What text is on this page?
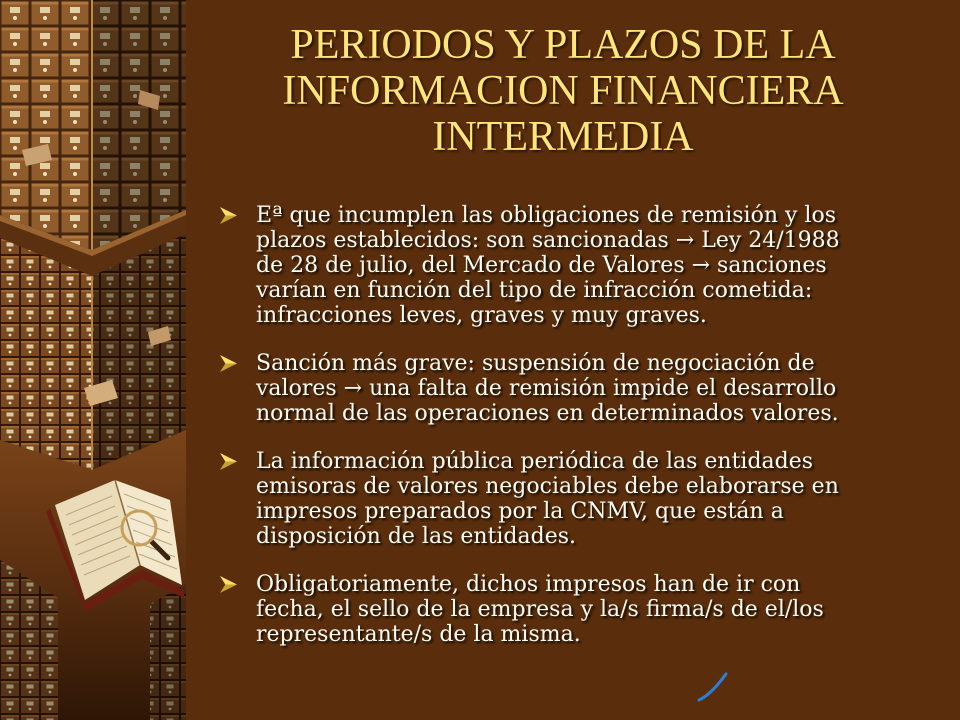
PERIODOS Y PLAZOS DE LA
INFORMACION FINANCIERA
INTERMEDIA
Eª que incumplen las obligaciones de remisión y los
plazos establecidos: son sancionadas → Ley 24/1988
de 28 de julio, del Mercado de Valores → sanciones
varían en función del tipo de infracción cometida:
infracciones leves, graves y muy graves.
Sanción más grave: suspensión de negociación de
valores → una falta de remisión impide el desarrollo
normal de las operaciones en determinados valores.
La información pública periódica de las entidades
emisoras de valores negociables debe elaborarse en
impresos preparados por la CNMV, que están a
disposición de las entidades.
Obligatoriamente, dichos impresos han de ir con
fecha, el sello de la empresa y la/s firma/s de el/los
representante/s de la misma.
